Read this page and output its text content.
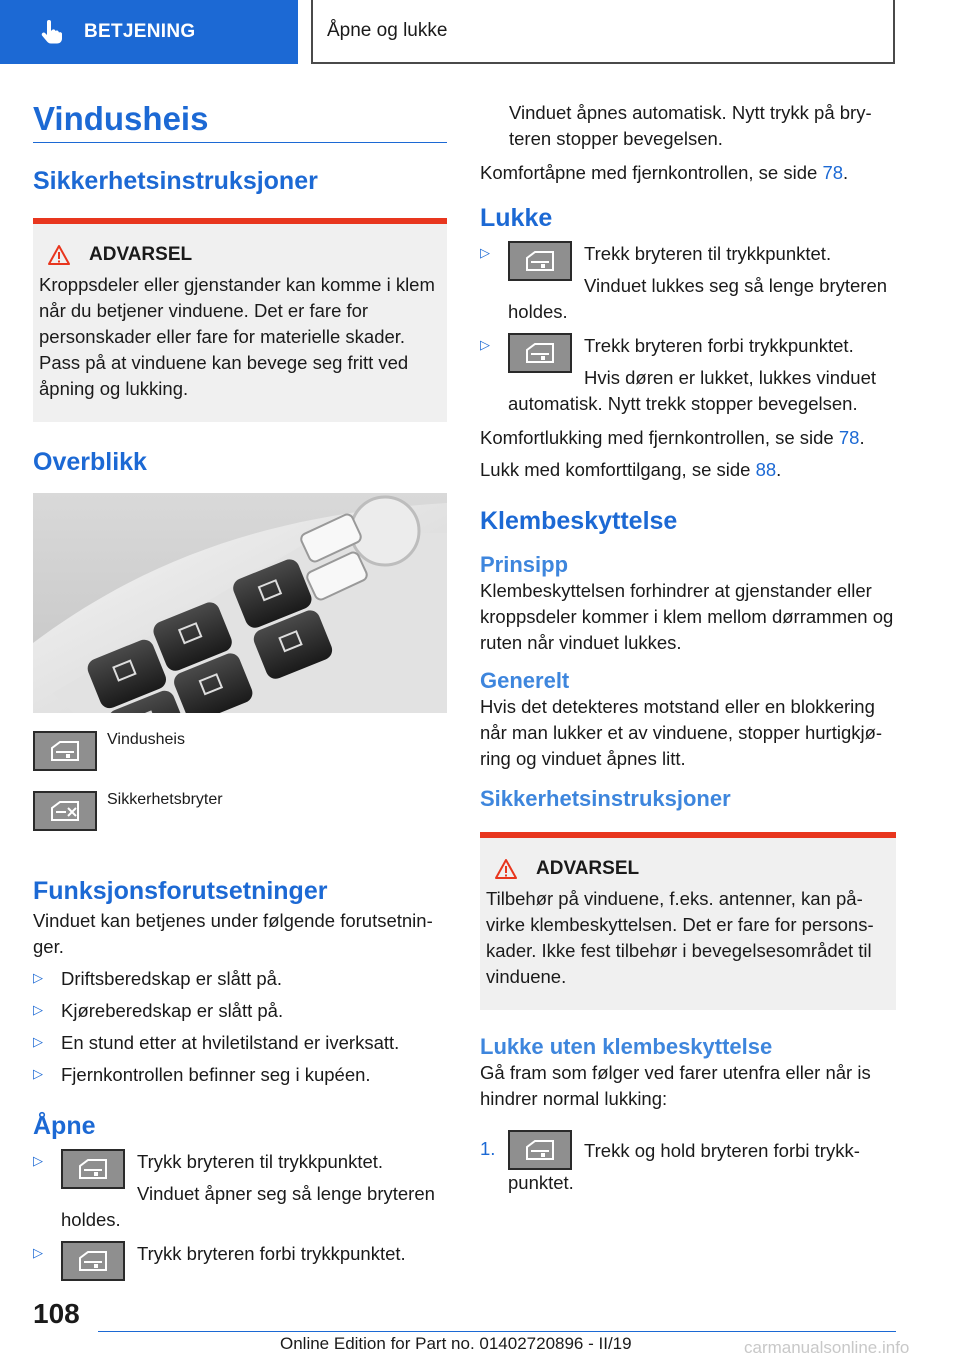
BETJENING	Åpne og lukke
Vindusheis
Sikkerhetsinstruksjoner
ADVARSEL

Kroppsdeler eller gjenstander kan komme i klem når du betjener vinduene. Det er fare for personskader eller fare for materielle skader. Pass på at vinduene kan bevege seg fritt ved åpning og lukking.

Overblikk
Vindusheis
Sikkerhetsbryter
Funksjonsforutsetninger

Vinduet kan betjenes under følgende forutsetninger.

▷ Driftsberedskap er slått på.

▷ Kjøreberedskap er slått på.

▷ En stund etter at hviletilstand er iverksatt.

▷ Fjernkontrollen befinner seg i kupéen.

Åpne
▷	Trykk bryteren til trykkpunktet.

Vinduet åpner seg så lenge bryteren

holdes.

▷	Trykk bryteren forbi trykkpunktet.

Vinduet åpnes automatisk. Nytt trykk på bry-

teren stopper bevegelsen.

Komfortåpne med fjernkontrollen, se side 78.

Lukke
▷	Trekk bryteren til trykkpunktet.

Vinduet lukkes seg så lenge bryteren

holdes.

▷	Trekk bryteren forbi trykkpunktet.

Hvis døren er lukket, lukkes vinduet

automatisk. Nytt trekk stopper bevegelsen.

Komfortlukking med fjernkontrollen, se side 78.

Lukk med komforttilgang, se side 88.

Klembeskyttelse
Prinsipp

Klembeskyttelsen forhindrer at gjenstander eller kroppsdeler kommer i klem mellom dørrammen og ruten når vinduet lukkes.

Generelt

Hvis det detekteres motstand eller en blokkering når man lukker et av vinduene, stopper hurtigkjøring og vinduet åpnes litt.

Sikkerhetsinstruksjoner
ADVARSEL

Tilbehør på vinduene, f.eks. antenner, kan påvirke klembeskyttelsen. Det er fare for personskader. Ikke fest tilbehør i bevegelsesområdet til vinduene.

Lukke uten klembeskyttelse

Gå fram som følger ved farer utenfra eller når is hindrer normal lukking:

1.	Trekk og hold bryteren forbi trykk-

punktet.

108
Online Edition for Part no. 01402720896 - II/19	carmanualsonline.info
